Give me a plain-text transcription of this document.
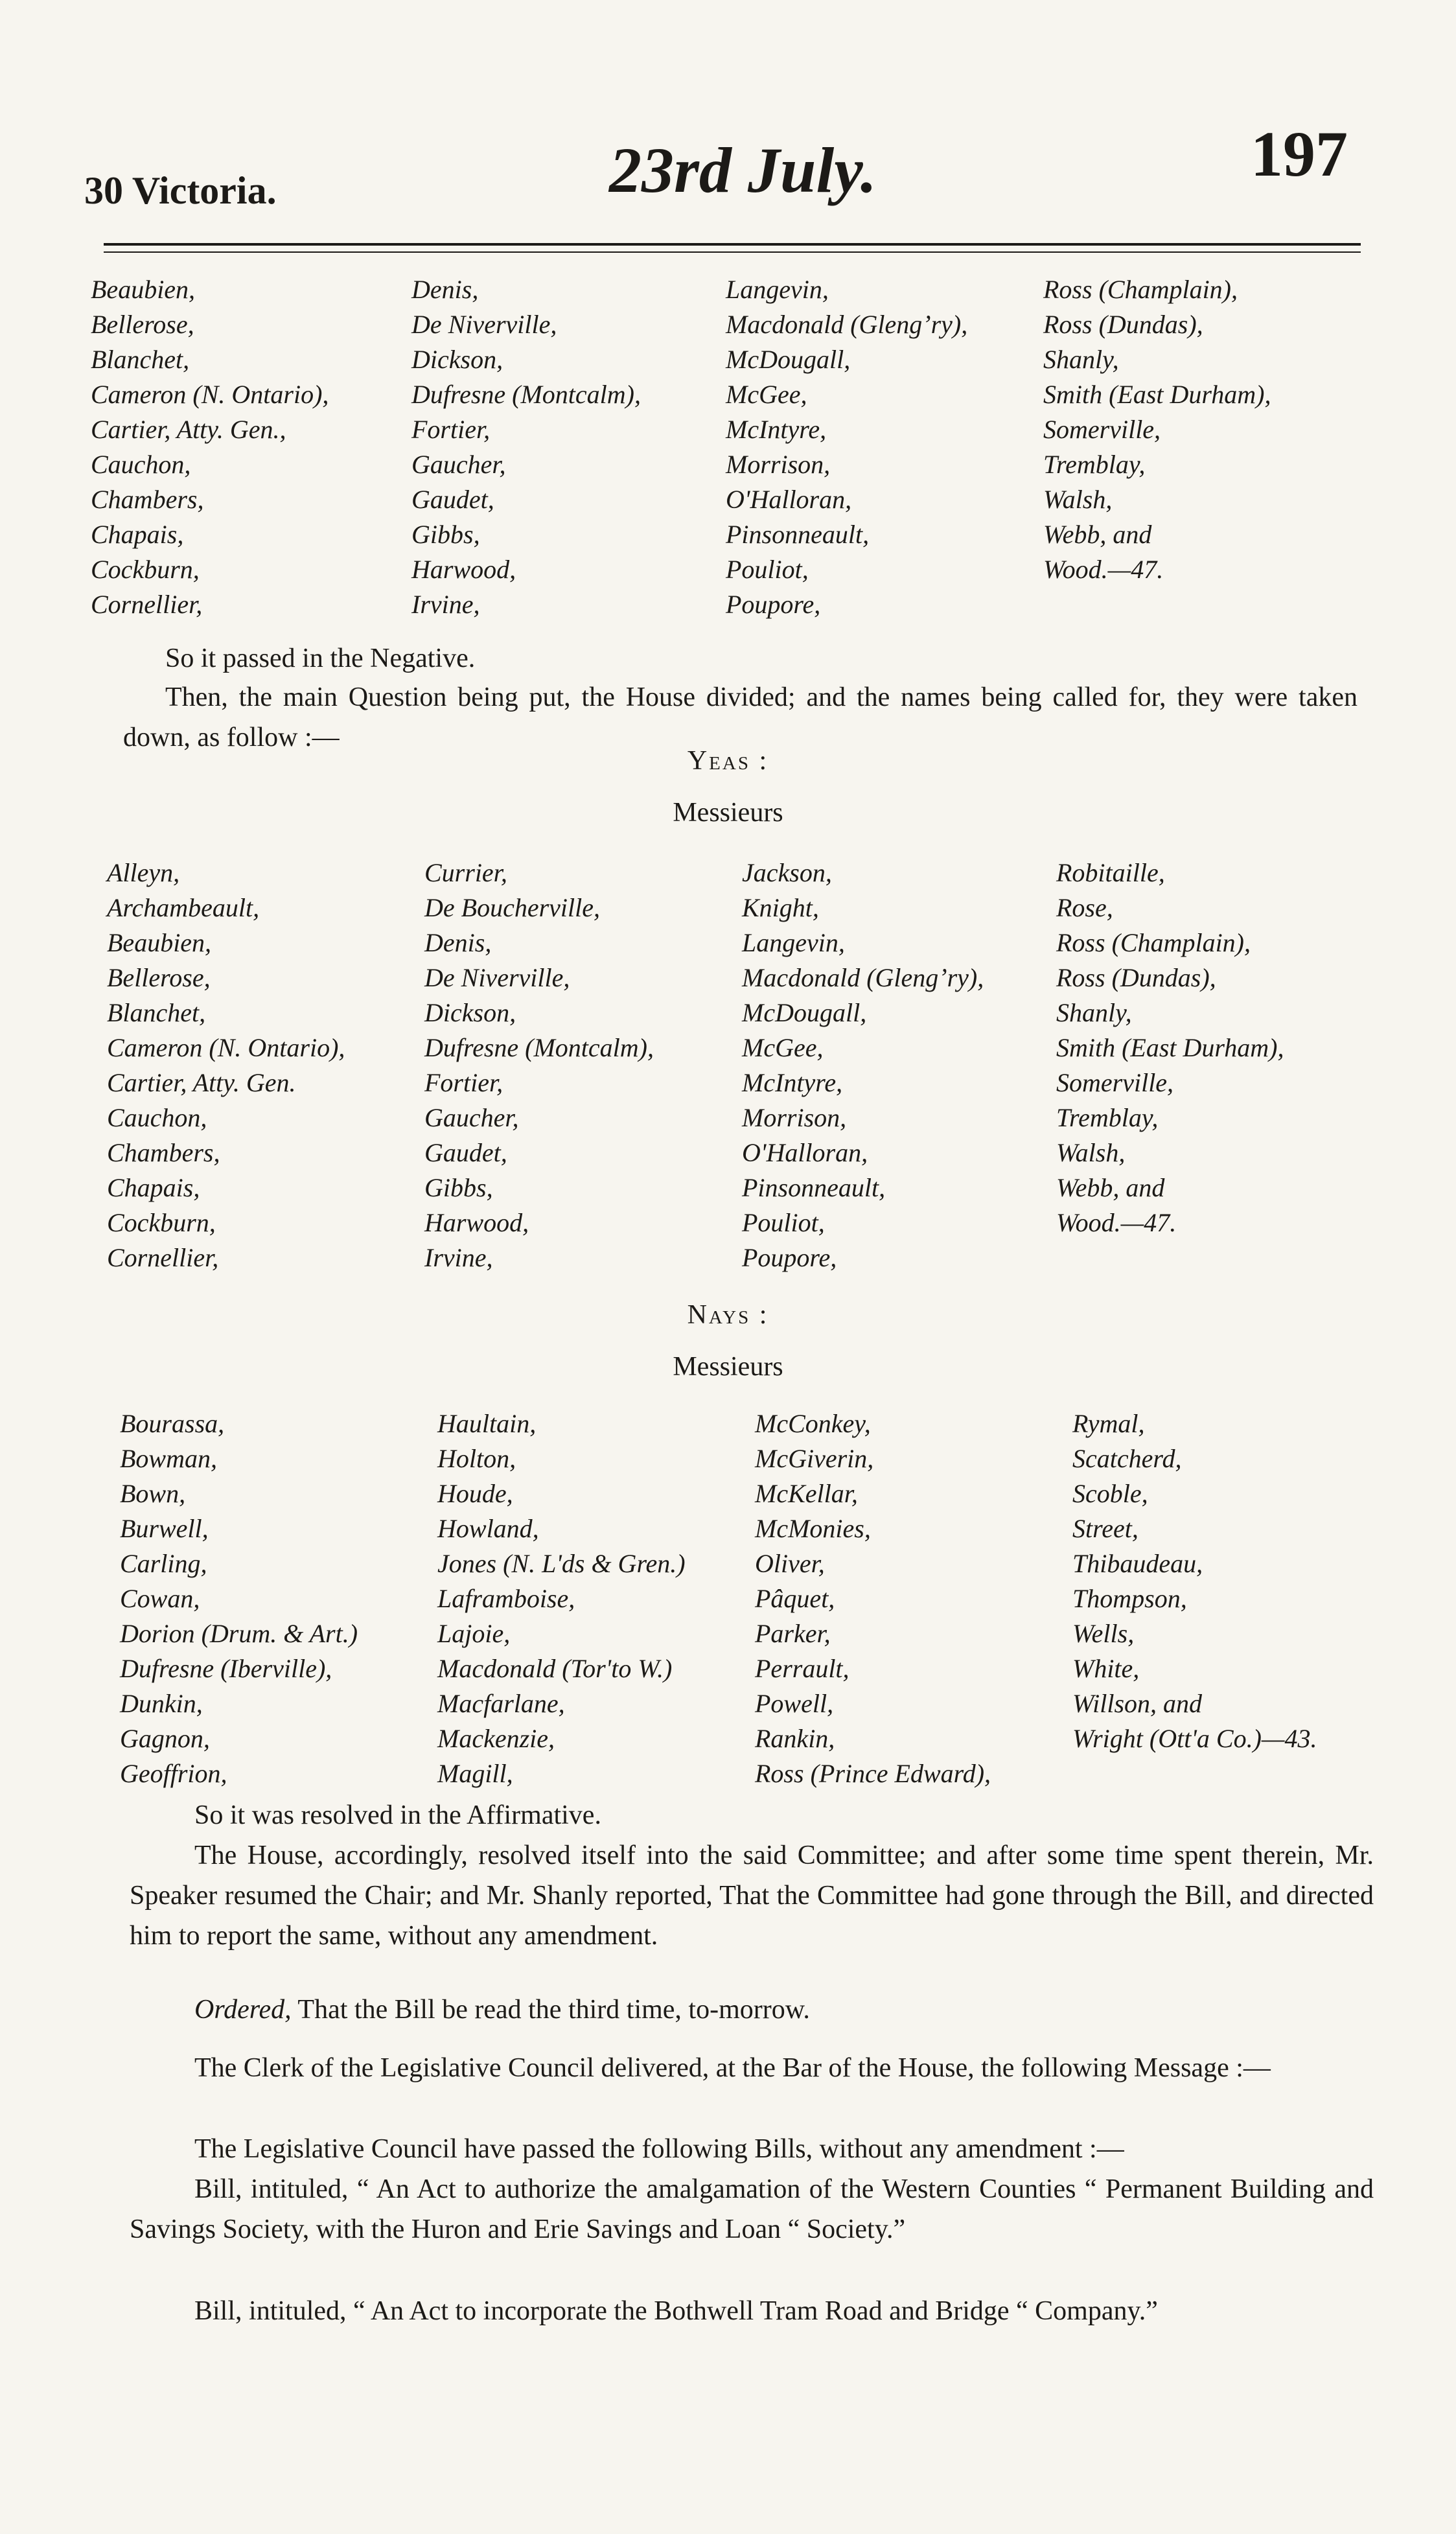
30 Victoria.	23rd July.	197
Beaubien,
Bellerose,
Blanchet,
Cameron (N. Ontario),
Cartier, Atty. Gen.,
Cauchon,
Chambers,
Chapais,
Cockburn,
Cornellier,
Denis,
De Niverville,
Dickson,
Dufresne (Montcalm),
Fortier,
Gaucher,
Gaudet,
Gibbs,
Harwood,
Irvine,
Langevin,
Macdonald (Glengʼry),
McDougall,
McGee,
McIntyre,
Morrison,
O'Halloran,
Pinsonneault,
Pouliot,
Poupore,
Ross (Champlain),
Ross (Dundas),
Shanly,
Smith (East Durham),
Somerville,
Tremblay,
Walsh,
Webb, and
Wood.—47.
So it passed in the Negative.
Then, the main Question being put, the House divided; and the names being called for, they were taken down, as follow :—
Yeas :
Messieurs
Alleyn,
Archambeault,
Beaubien,
Bellerose,
Blanchet,
Cameron (N. Ontario),
Cartier, Atty. Gen.
Cauchon,
Chambers,
Chapais,
Cockburn,
Cornellier,
Currier,
De Boucherville,
Denis,
De Niverville,
Dickson,
Dufresne (Montcalm),
Fortier,
Gaucher,
Gaudet,
Gibbs,
Harwood,
Irvine,
Jackson,
Knight,
Langevin,
Macdonald (Glengʼry),
McDougall,
McGee,
McIntyre,
Morrison,
O'Halloran,
Pinsonneault,
Pouliot,
Poupore,
Robitaille,
Rose,
Ross (Champlain),
Ross (Dundas),
Shanly,
Smith (East Durham),
Somerville,
Tremblay,
Walsh,
Webb, and
Wood.—47.
Nays :
Messieurs
Bourassa,
Bowman,
Bown,
Burwell,
Carling,
Cowan,
Dorion (Drum. & Art.)
Dufresne (Iberville),
Dunkin,
Gagnon,
Geoffrion,
Haultain,
Holton,
Houde,
Howland,
Jones (N. L'ds & Gren.)
Laframboise,
Lajoie,
Macdonald (Tor'to W.)
Macfarlane,
Mackenzie,
Magill,
McConkey,
McGiverin,
McKellar,
McMonies,
Oliver,
Pâquet,
Parker,
Perrault,
Powell,
Rankin,
Ross (Prince Edward),
Rymal,
Scatcherd,
Scoble,
Street,
Thibaudeau,
Thompson,
Wells,
White,
Willson, and
Wright (Ott'a Co.)—43.
So it was resolved in the Affirmative.
The House, accordingly, resolved itself into the said Committee; and after some time spent therein, Mr. Speaker resumed the Chair; and Mr. Shanly reported, That the Committee had gone through the Bill, and directed him to report the same, without any amendment.
Ordered, That the Bill be read the third time, to-morrow.
The Clerk of the Legislative Council delivered, at the Bar of the House, the following Message :—
The Legislative Council have passed the following Bills, without any amendment :—
Bill, intituled, “ An Act to authorize the amalgamation of the Western Counties “ Permanent Building and Savings Society, with the Huron and Erie Savings and Loan “ Society.”
Bill, intituled, “ An Act to incorporate the Bothwell Tram Road and Bridge “ Company.”
